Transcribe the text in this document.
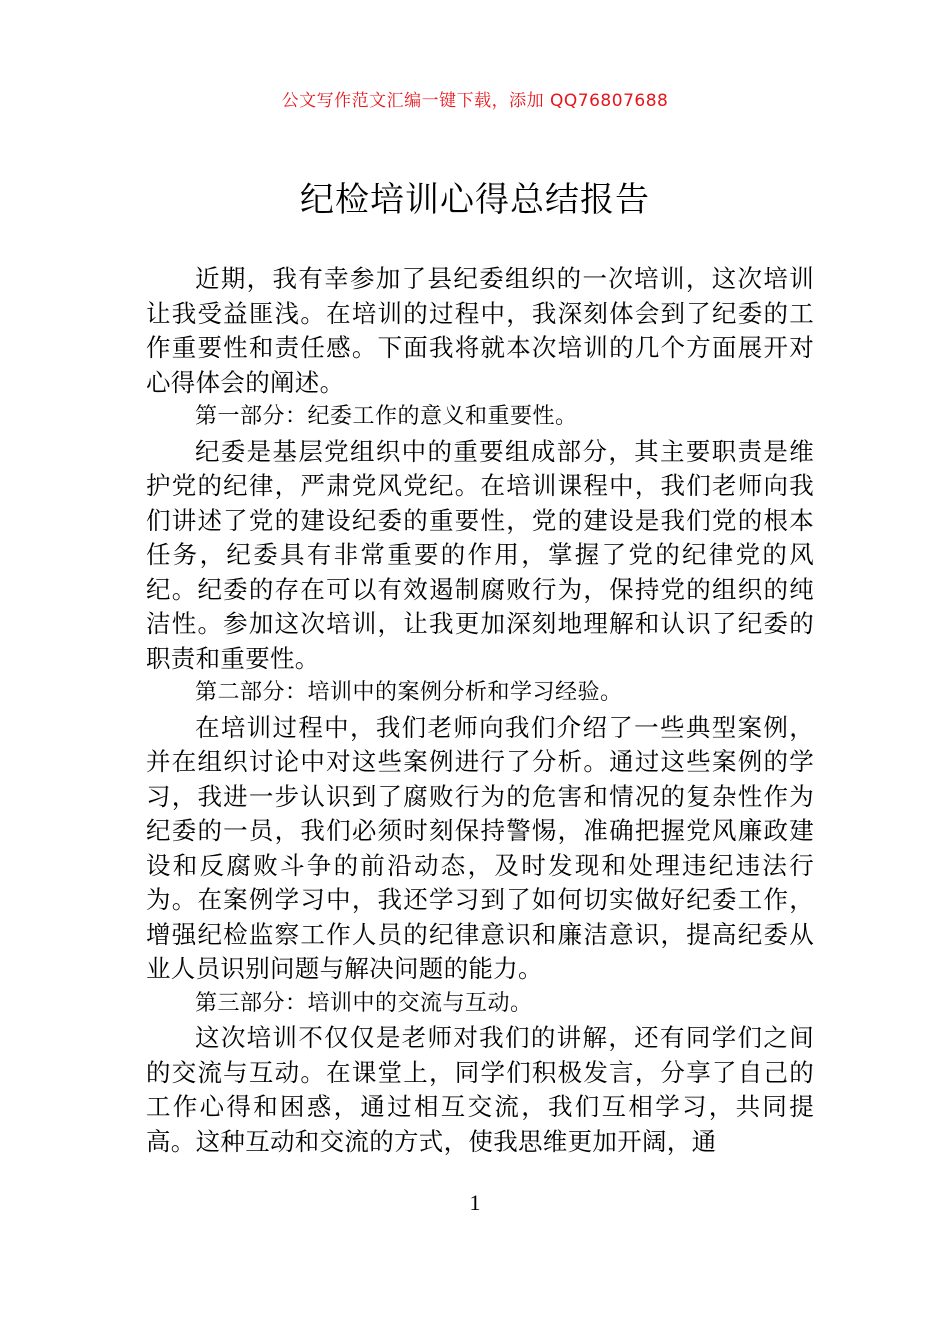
公文写作范文汇编一键下载，添加 QQ76807688
纪检培训心得总结报告

近期，我有幸参加了县纪委组织的一次培训，这次培训让我受益匪浅。在培训的过程中，我深刻体会到了纪委的工作重要性和责任感。下面我将就本次培训的几个方面展开对心得体会的阐述。

第一部分：纪委工作的意义和重要性。

纪委是基层党组织中的重要组成部分，其主要职责是维护党的纪律，严肃党风党纪。在培训课程中，我们老师向我们讲述了党的建设纪委的重要性，党的建设是我们党的根本任务，纪委具有非常重要的作用，掌握了党的纪律党的风纪。纪委的存在可以有效遏制腐败行为，保持党的组织的纯洁性。参加这次培训，让我更加深刻地理解和认识了纪委的职责和重要性。

第二部分：培训中的案例分析和学习经验。

在培训过程中，我们老师向我们介绍了一些典型案例，并在组织讨论中对这些案例进行了分析。通过这些案例的学习，我进一步认识到了腐败行为的危害和情况的复杂性作为纪委的一员，我们必须时刻保持警惕，准确把握党风廉政建设和反腐败斗争的前沿动态，及时发现和处理违纪违法行为。在案例学习中，我还学习到了如何切实做好纪委工作，增强纪检监察工作人员的纪律意识和廉洁意识，提高纪委从业人员识别问题与解决问题的能力。

第三部分：培训中的交流与互动。

这次培训不仅仅是老师对我们的讲解，还有同学们之间的交流与互动。在课堂上，同学们积极发言，分享了自己的工作心得和困惑，通过相互交流，我们互相学习，共同提高。这种互动和交流的方式，使我思维更加开阔，通

1
